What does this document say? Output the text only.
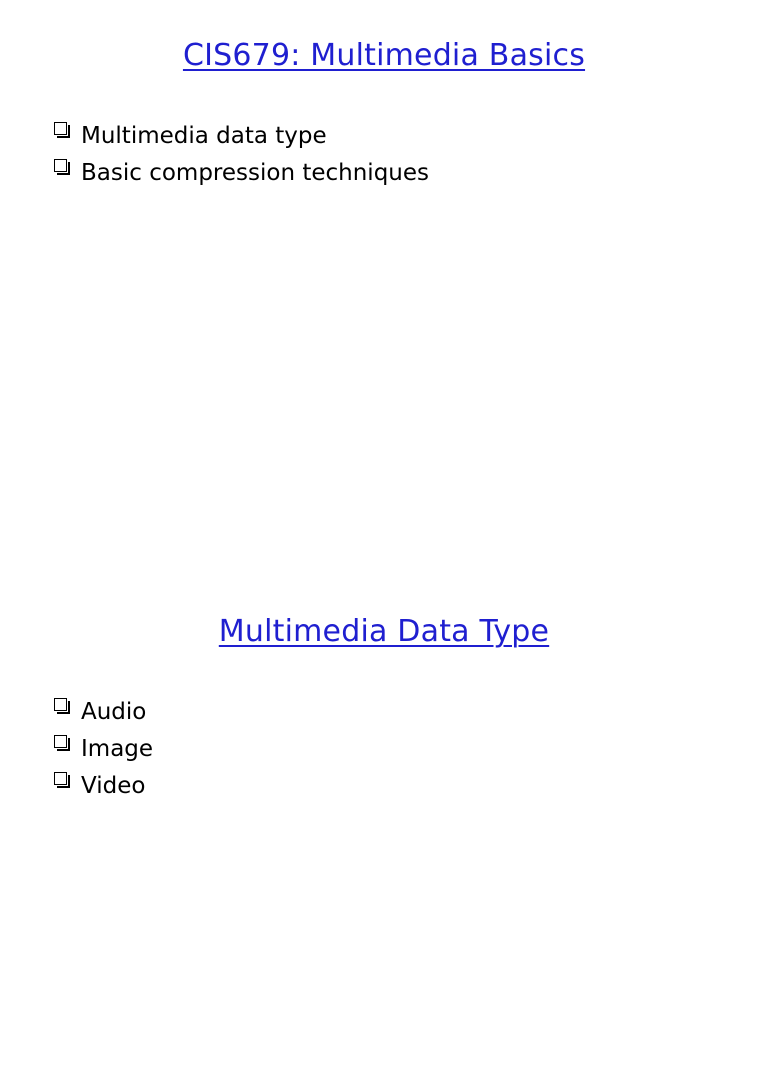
CIS679: Multimedia Basics
Multimedia data type
Basic compression techniques
Multimedia Data Type
Audio
Image
Video
